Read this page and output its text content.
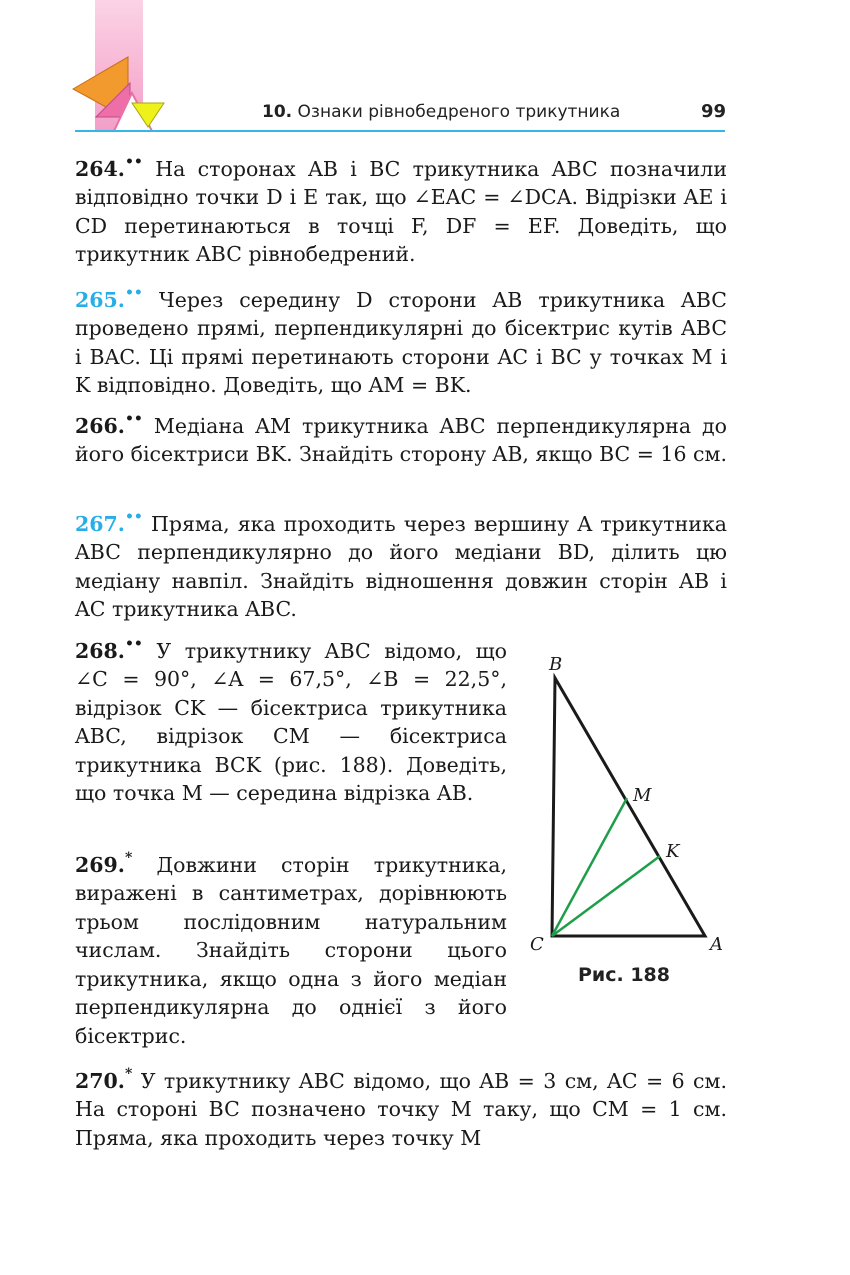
10. Ознаки рівнобедреного трикутника	99
264.•• На сторонах AB і BC трикутника ABC позначили відповідно точки D і E так, що ∠EAC = ∠DCA. Відрізки AE і CD перетинаються в точці F, DF = EF. Доведіть, що трикутник ABC рівнобедрений.
265.•• Через середину D сторони AB трикутника ABC проведено прямі, перпендикулярні до бісектрис кутів ABC і BAC. Ці прямі перетинають сторони AC і BC у точках M і K відповідно. Доведіть, що AM = BK.
266.•• Медіана AM трикутника ABC перпендикулярна до його бісектриси BK. Знайдіть сторону AB, якщо BC = 16 см.
267.•• Пряма, яка проходить через вершину A трикутника ABC перпендикулярно до його медіани BD, ділить цю медіану навпіл. Знайдіть відношення довжин сторін AB і AC трикутника ABC.
268.•• У трикутнику ABC відомо, що ∠C = 90°, ∠A = 67,5°, ∠B = 22,5°, відрізок CK — бісектриса трикутника ABC, відрізок CM — бісектриса трикутника BCK (рис. 188). Доведіть, що точка M — середина відрізка AB.
269.* Довжини сторін трикутника, виражені в сантиметрах, дорівнюють трьом послідовним натуральним числам. Знайдіть сторони цього трикутника, якщо одна з його медіан перпендикулярна до однієї з його бісектрис.
270.* У трикутнику ABC відомо, що AB = 3 см, AC = 6 см. На стороні BC позначено точку M таку, що CM = 1 см. Пряма, яка проходить через точку M
B
M
K
C	A
Рис. 188
